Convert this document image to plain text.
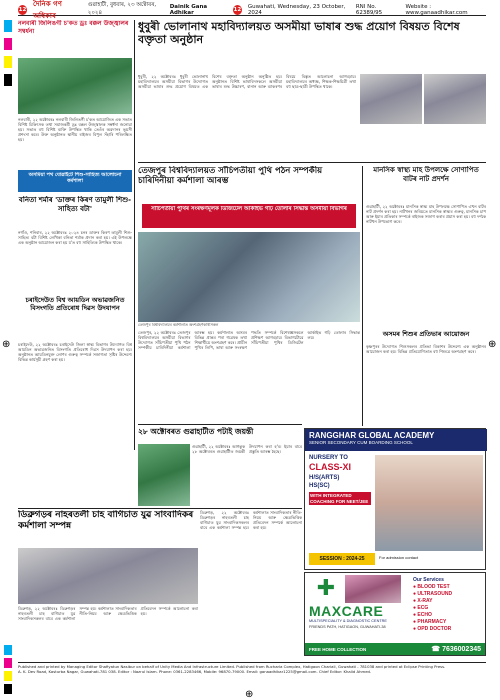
⊕	⊕
⊕
12
দৈনিক গণ অধিকাৰ
গুৱাহাটী, বুধবাৰ, ২৩ অক্টোবৰ, ২০২৪
Dainik Gana Adhikar	12 Guwahati, Wednesday, 23 October, 2024
RNI No. 62389/95
Website : www.ganaadhikar.com
নলবাৰী জিলিঙগী চ'কত ড্ৰঃ বক্কল উজ্জ্বালৰ সম্বৰ্ধনা
নলবাৰী, ২২ অক্টোবৰঃ নলবাৰী জিলিঙগী চ'কত আয়োজিত এক সভাত বিশিষ্ট চিকিৎসক তথা সমাজকৰ্মী ড্ৰঃ বক্কল উজ্জ্বালক সম্বৰ্ধনা জনোৱা হয়। সভাত বহু বিশিষ্ট ব্যক্তি উপস্থিত থাকি তেওঁৰ অৱদানৰ ভূয়সী প্ৰশংসা কৰে। উক্ত অনুষ্ঠানত স্থানীয় ৰাইজৰ বিপুল সঁহাৰি পৰিলক্ষিত হয়।
অসমিয়া পথ যোৱাইটে শিশু-সাহিত্য আলোচনা কৰ্মশালা
বনিতা শৰ্মাৰ 'ডাক্তৰ কিৰণ তামুলী শিশু-সাহিত্য বটা'
নগাঁও, শনিবাৰ, ২২ অক্টোবৰঃ ২০২৪ চনৰ ডাক্তৰ কিৰণ তামুলী শিশু-সাহিত্য বটা বিশিষ্ট লেখিকা বনিতা শৰ্মাক প্ৰদান কৰা হয়। এই উপলক্ষে এক অনুষ্ঠান আয়োজন কৰা হয় য'ত বহু সাহিত্যিক উপস্থিত থাকে।
চৰাইদেউত বিশ্ব আয়ডিন অভাৱজনিত বিসংগতি প্ৰতিৰোধ দিৱস উদযাপন
চৰাইদেউ, ২২ অক্টোবৰঃ চৰাইদেউ জিলা স্বাস্থ্য বিভাগৰ উদ্যোগত বিশ্ব আয়ডিন অভাৱজনিত বিসংগতি প্ৰতিৰোধ দিৱস উদযাপন কৰা হয়। অনুষ্ঠানত আয়ডিনযুক্ত লোণৰ গুৰুত্ব সম্পৰ্কে সজাগতা সৃষ্টিৰ উদ্দেশ্যে বিভিন্ন কাৰ্যসূচী গ্ৰহণ কৰা হয়।
ধুবুৰী ভোলানাথ মহাবিদ্যালয়ত অসমীয়া ভাষাৰ শুদ্ধ প্ৰয়োগ বিষয়ত বিশেষ বক্তৃতা অনুষ্ঠান
ধুবুৰী, ২২ অক্টোবৰঃ ধুবুৰী ভোলানাথ মহাবিদ্যালয়ৰ অসমীয়া বিভাগৰ উদ্যোগত অসমীয়া ভাষাৰ শুদ্ধ প্ৰয়োগ বিষয়ত এক বিশেষ বক্তৃতা অনুষ্ঠান অনুষ্ঠিত হয়। অনুষ্ঠানত বিশিষ্ট ভাষাবিদসকলে অসমীয়া ভাষাৰ শুদ্ধ উচ্চাৰণ, বানান আৰু ব্যাকৰণৰ বিষয়ে বিস্তৃত আলোচনা আগবঢ়ায়। মহাবিদ্যালয়ৰ অধ্যক্ষ, শিক্ষক-শিক্ষয়িত্ৰী তথা বহু ছাত্ৰ-ছাত্ৰী উপস্থিত থাকে।
তেজপুৰ বিশ্ববিদ্যালয়ত সাঁচিপতীয়া পুথি পঠন সম্পৰ্কীয় চাৰিদিনীয়া কৰ্মশালা আৰম্ভ
সাঁচিপতীয়া পুথিৰ সংৰক্ষণমূলক ডিজিটেল আৰ্কাইভ গঢ়ি তোলাৰ সিদ্ধান্ত অসমীয়া বিভাগৰ
তেজপুৰ বিশ্ববিদ্যালয়ৰ কৰ্মশালাত অংশগ্ৰহণকাৰীসকল
তেজপুৰ, ২২ অক্টোবৰঃ তেজপুৰ বিশ্ববিদ্যালয়ৰ অসমীয়া বিভাগৰ উদ্যোগত সাঁচিপতীয়া পুথি পঠন সম্পৰ্কীয় চাৰিদিনীয়া কৰ্মশালা আৰম্ভ হয়। কৰ্মশালাত অসমৰ বিভিন্ন প্ৰান্তৰ পৰা গৱেষক তথা শিক্ষাৰ্থীয়ে অংশগ্ৰহণ কৰে। প্ৰাচীন পুথিৰ লিপি, ভাষা আৰু সংৰক্ষণ পদ্ধতি সম্পৰ্কে বিশেষজ্ঞসকলে প্ৰশিক্ষণ আগবঢ়ায়। বিভাগটোৱে সাঁচিপতীয়া পুথিৰ ডিজিটেল আৰ্কাইভ গঢ়ি তোলাৰ সিদ্ধান্ত লয়।
মানসিক স্বাস্থ্য মাহ উপলক্ষে সোণাপিত বাটৰ নাট প্ৰদৰ্শন
গুৱাহাটী, ২২ অক্টোবৰঃ মানসিক স্বাস্থ্য মাহ উপলক্ষে সোণাপিত এখন বাটৰ নাট প্ৰদৰ্শন কৰা হয়। নাটখনৰ জৰিয়তে মানসিক স্বাস্থ্যৰ গুৰুত্ব, মানসিক চাপ আৰু ইয়াৰ প্ৰতিকাৰ সম্পৰ্কে ৰাইজক সজাগ কৰাৰ প্ৰয়াস কৰা হয়। বহু দৰ্শকে নাটখন উপভোগ কৰে।
অসমৰ শিশুৰ প্ৰতিভাৰ আয়োজন
কৃষ্ণপুৰৰ উদ্যোগত শিশুসকলৰ প্ৰতিভা বিকাশৰ উদ্দেশ্যে এক অনুষ্ঠানৰ আয়োজন কৰা হয়। বিভিন্ন প্ৰতিযোগিতাত বহু শিশুৱে অংশগ্ৰহণ কৰে।
২৮ অক্টোবৰত গুৱাহাটীত পটাই জয়ন্তী
গুৱাহাটী, ২২ অক্টোবৰঃ আগন্তুক ২৮ অক্টোবৰত গুৱাহাটীত জয়ন্তী উদযাপন কৰা হ'ব। ইয়াৰ বাবে প্ৰস্তুতি আৰম্ভ হৈছে।
ডিব্ৰুগড়ৰ নাহৰতলী চাহ বাগিচাত যুৱ সাংবাদিকৰ কৰ্মশালা সম্পন্ন
ডিব্ৰুগড়, ২২ অক্টোবৰঃ ডিব্ৰুগড়ৰ নাহৰতলী চাহ বাগিচাত যুৱ সাংবাদিকসকলৰ বাবে এক কৰ্মশালা সম্পন্ন হয়। কৰ্মশালাত সাংবাদিকতাৰ নীতি-নিয়ম আৰু ক্ষেত্ৰভিত্তিক প্ৰতিবেদন সম্পৰ্কে আলোচনা কৰা হয়।
ডিব্ৰুগড়, ২২ অক্টোবৰঃ ডিব্ৰুগড়ৰ নাহৰতলী চাহ বাগিচাত যুৱ সাংবাদিকসকলৰ বাবে এক কৰ্মশালা সম্পন্ন হয়। কৰ্মশালাত সাংবাদিকতাৰ নীতি-নিয়ম আৰু ক্ষেত্ৰভিত্তিক প্ৰতিবেদন সম্পৰ্কে আলোচনা কৰা হয়।
RANGGHAR GLOBAL ACADEMY
SENIOR SECONDARY CUM BOARDING SCHOOL
NURSERY TO
CLASS-XI
H/S(ARTS)
HS(SC)
WITH INTEGRATED COACHING FOR NEET/JEE
SESSION : 2024-25	For admission contact
MAXCARE
MULTISPECIALITY & DIAGNOSTIC CENTRE
FRIENDS PATH, HATIGAON, GUWAHATI-38
✚	Our Services
● BLOOD TEST
● ULTRASOUND
● X-RAY
● ECG
● ECHO
● PHARMACY
● OPD DOCTOR
FREE HOME COLLECTION	☎ 7636002345
Published and printed by Managing Editor Shafiyatun Nasibur on behalf of Unity Media And Infrastructure Limited. Published from Rucharla Complex, Hatigaon Chariali, Guwahati - 781038 and printed at Eclipse Printing Press.
A. K. Dev Road, Kasturba Nagar, Guwahati-781 038. Editor : Nazrul Islam. Phone: 0361-2283466, Mobile: 96870-79000. Email: ganaadhikar1225@gmail.com. Chief Editor: Khalid Ahmed.
